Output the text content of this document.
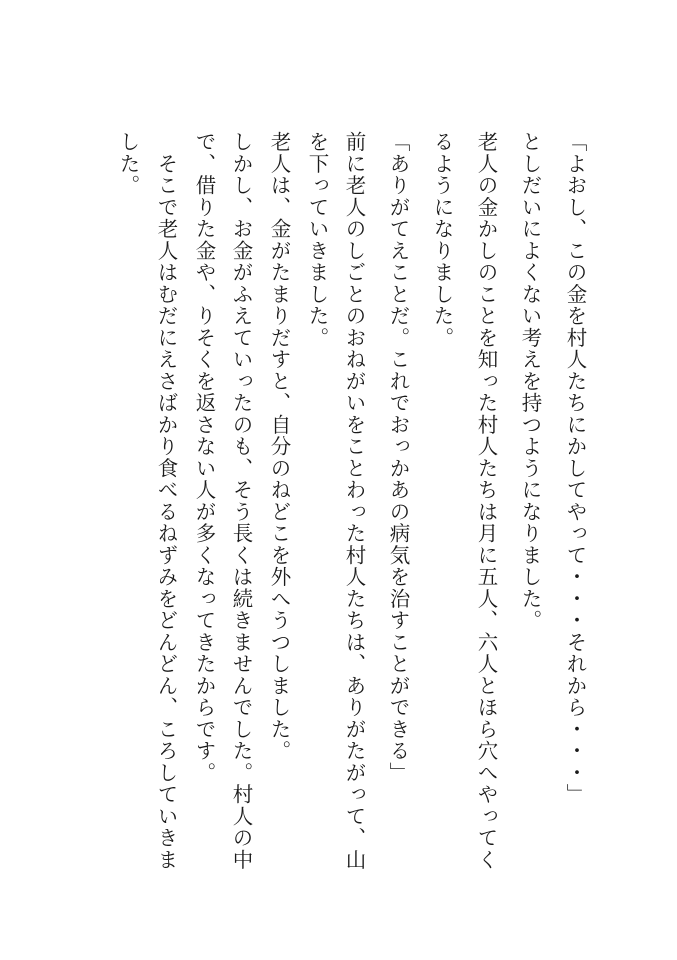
「よおし、この金を村人たちにかしてやって・・・それから・・・」
としだいによくない考えを持つようになりました。
老人の金かしのことを知った村人たちは月に五人、六人とほら穴へやってく
るようになりました。
「ありがてえことだ。これでおっかあの病気を治すことができる」
前に老人のしごとのおねがいをことわった村人たちは、ありがたがって、山
を下っていきました。
老人は、金がたまりだすと、自分のねどこを外へうつしました。
しかし、お金がふえていったのも、そう長くは続きませんでした。村人の中
で、借りた金や、りそくを返さない人が多くなってきたからです。
　そこで老人はむだにえさばかり食べるねずみをどんどん、ころしていきま
した。
